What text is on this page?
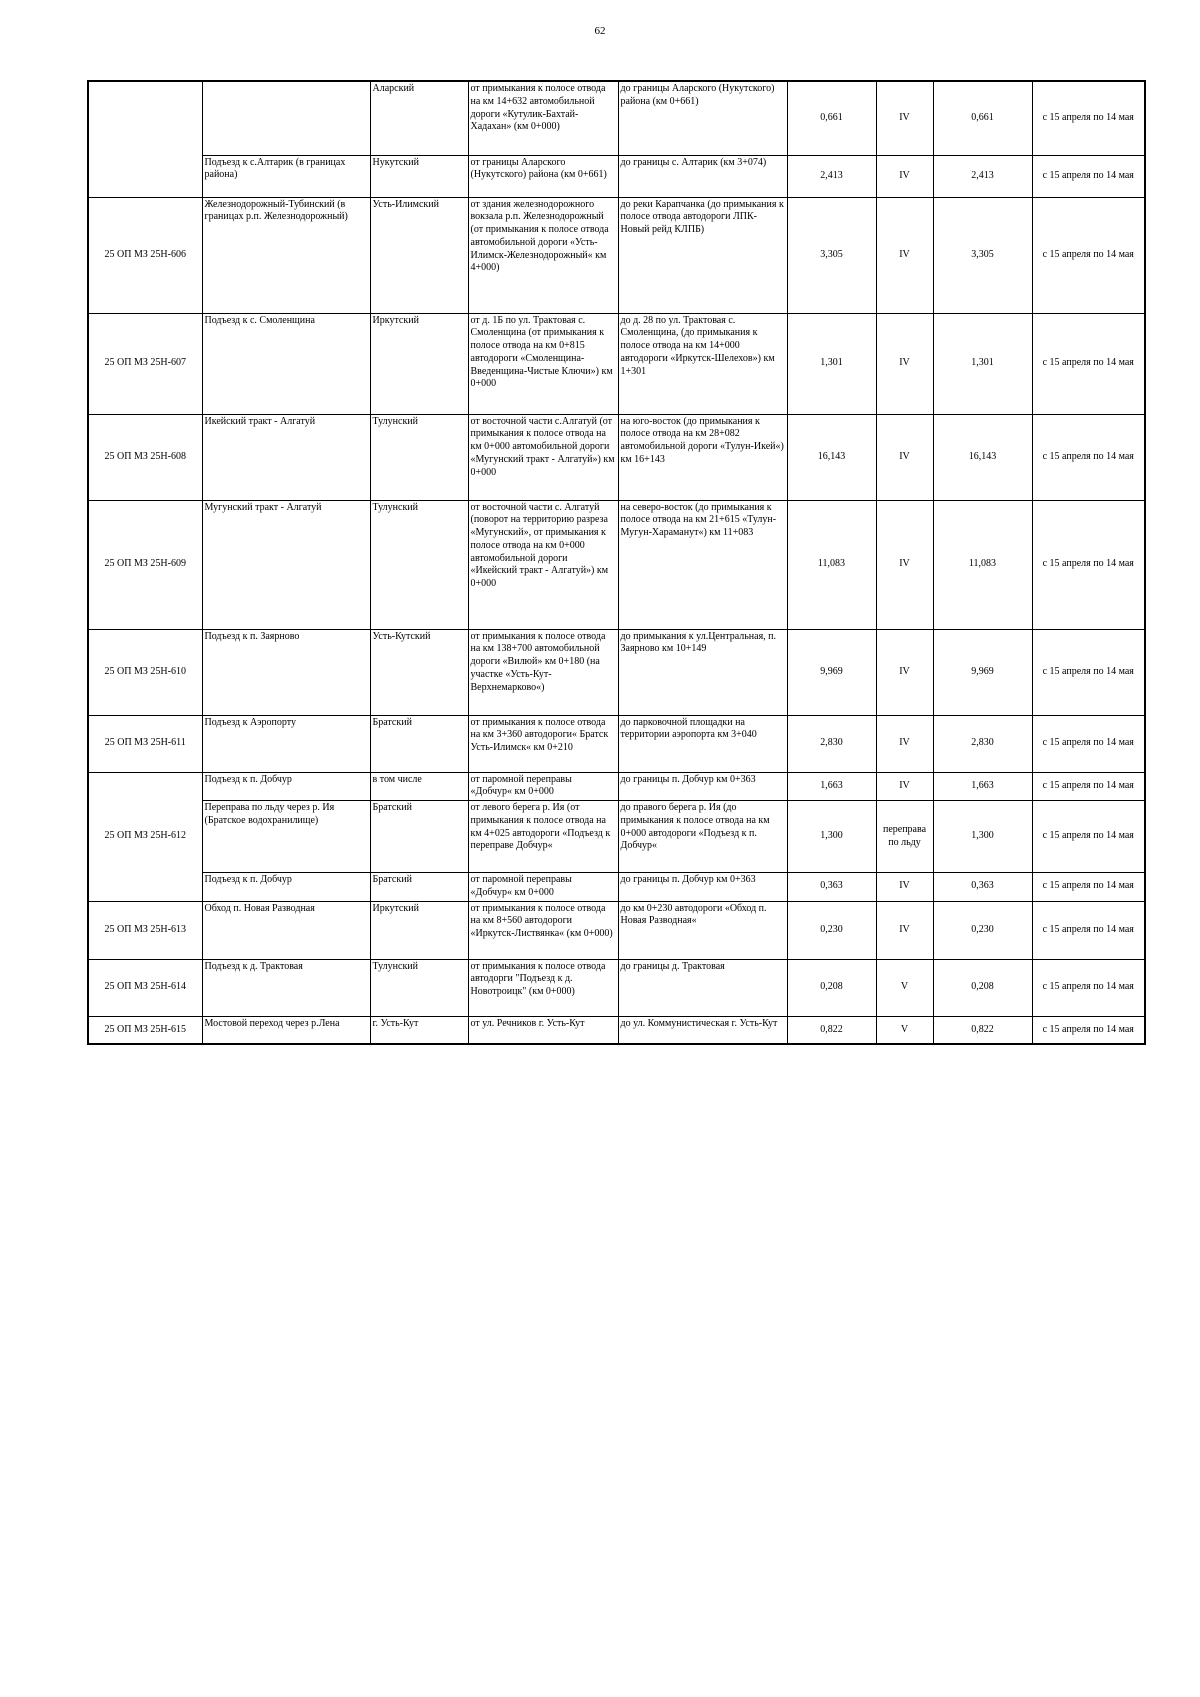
62
		Аларский	от примыкания к полосе отвода на км 14+632 автомобильной дороги «Кутулик-Бахтай-Хадахан» (км 0+000)	до границы Аларского (Нукутского) района (км 0+661)	0,661	IV	0,661	с 15 апреля по 14 мая
	Подъезд к с.Алтарик (в границах района)	Нукутский	от границы Аларского (Нукутского) района (км 0+661)	до границы с. Алтарик (км 3+074)	2,413	IV	2,413	с 15 апреля по 14 мая
25 ОП МЗ 25Н-606	Железнодорожный-Тубинский (в границах р.п. Железнодорожный)	Усть-Илимский	от здания железнодорожного вокзала р.п. Железнодорожный (от примыкания к полосе отвода автомобильной дороги «Усть-Илимск-Железнодорожный« км 4+000)	до реки Карапчанка (до примыкания к полосе отвода автодороги ЛПК-Новый рейд КЛПБ)	3,305	IV	3,305	с 15 апреля по 14 мая
25 ОП МЗ 25Н-607	Подъезд к с. Смоленщина	Иркутский	от д. 1Б по ул. Трактовая с. Смоленщина (от примыкания к полосе отвода на км 0+815 автодороги «Смоленщина-Введенщина-Чистые Ключи») км 0+000	до д. 28 по ул. Трактовая с. Смоленщина, (до примыкания к полосе отвода на км 14+000 автодороги «Иркутск-Шелехов») км 1+301	1,301	IV	1,301	с 15 апреля по 14 мая
25 ОП МЗ 25Н-608	Икейский тракт - Алгатуй	Тулунский	от восточной части с.Алгатуй (от примыкания к полосе отвода на км 0+000 автомобильной дороги «Мугунский тракт - Алгатуй») км 0+000	на юго-восток (до примыкания к полосе отвода на км 28+082 автомобильной дороги «Тулун-Икей«) км 16+143	16,143	IV	16,143	с 15 апреля по 14 мая
25 ОП МЗ 25Н-609	Мугунский тракт - Алгатуй	Тулунский	от восточной части с. Алгатуй (поворот на территорию разреза «Мугунский», от примыкания к полосе отвода на км 0+000 автомобильной дороги «Икейский тракт - Алгатуй») км 0+000	на северо-восток (до примыкания к полосе отвода на км 21+615 «Тулун-Мугун-Хараманут«) км 11+083	11,083	IV	11,083	с 15 апреля по 14 мая
25 ОП МЗ 25Н-610	Подъезд к п. Заярново	Усть-Кутский	от примыкания к полосе отвода на км 138+700 автомобильной дороги «Вилюй» км 0+180 (на участке «Усть-Кут-Верхнемарково«)	до примыкания к ул.Центральная, п. Заярново км 10+149	9,969	IV	9,969	с 15 апреля по 14 мая
25 ОП МЗ 25Н-611	Подъезд к Аэропорту	Братский	от примыкания к полосе отвода на км 3+360 автодороги« Братск Усть-Илимск« км 0+210	до парковочной площадки на территории аэропорта км 3+040	2,830	IV	2,830	с 15 апреля по 14 мая
25 ОП МЗ 25Н-612	Подъезд к п. Добчур	в том числе	от паромной переправы «Добчур« км 0+000	до границы п. Добчур км 0+363	1,663	IV	1,663	с 15 апреля по 14 мая
	Переправа по льду через р. Ия (Братское водохранилище)	Братский	от левого берега р. Ия (от примыкания к полосе отвода на км 4+025 автодороги «Подъезд к переправе Добчур«	до правого берега р. Ия (до примыкания к полосе отвода на км 0+000 автодороги «Подъезд к п. Добчур«	1,300	переправа по льду	1,300	с 15 апреля по 14 мая
	Подъезд к п. Добчур	Братский	от паромной переправы «Добчур« км 0+000	до границы п. Добчур км 0+363	0,363	IV	0,363	с 15 апреля по 14 мая
25 ОП МЗ 25Н-613	Обход п. Новая Разводная	Иркутский	от примыкания к полосе отвода на км 8+560 автодороги «Иркутск-Листвянка« (км 0+000)	до км 0+230 автодороги «Обход п. Новая Разводная«	0,230	IV	0,230	с 15 апреля по 14 мая
25 ОП МЗ 25Н-614	Подъезд к д. Трактовая	Тулунский	от примыкания к полосе отвода автодорги "Подъезд к д. Новотроицк" (км 0+000)	до границы д. Трактовая	0,208	V	0,208	с 15 апреля по 14 мая
25 ОП МЗ 25Н-615	Мостовой переход через р.Лена	г. Усть-Кут	от ул. Речников г. Усть-Кут	до ул. Коммунистическая г. Усть-Кут	0,822	V	0,822	с 15 апреля по 14 мая
